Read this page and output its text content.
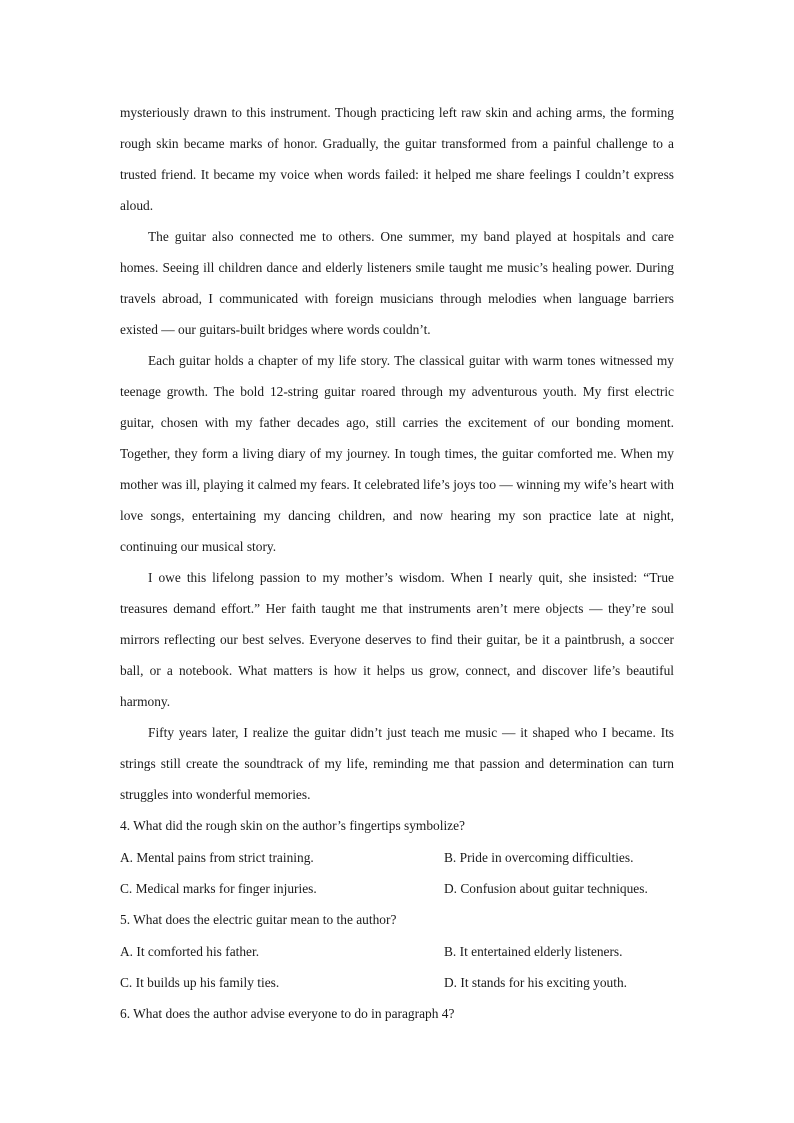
mysteriously drawn to this instrument. Though practicing left raw skin and aching arms, the forming rough skin became marks of honor. Gradually, the guitar transformed from a painful challenge to a trusted friend. It became my voice when words failed: it helped me share feelings I couldn’t express aloud.

The guitar also connected me to others. One summer, my band played at hospitals and care homes. Seeing ill children dance and elderly listeners smile taught me music’s healing power. During travels abroad, I communicated with foreign musicians through melodies when language barriers existed — our guitars-built bridges where words couldn’t.

Each guitar holds a chapter of my life story. The classical guitar with warm tones witnessed my teenage growth. The bold 12-string guitar roared through my adventurous youth. My first electric guitar, chosen with my father decades ago, still carries the excitement of our bonding moment. Together, they form a living diary of my journey. In tough times, the guitar comforted me. When my mother was ill, playing it calmed my fears. It celebrated life’s joys too — winning my wife’s heart with love songs, entertaining my dancing children, and now hearing my son practice late at night, continuing our musical story.

I owe this lifelong passion to my mother’s wisdom. When I nearly quit, she insisted: “True treasures demand effort.” Her faith taught me that instruments aren’t mere objects — they’re soul mirrors reflecting our best selves. Everyone deserves to find their guitar, be it a paintbrush, a soccer ball, or a notebook. What matters is how it helps us grow, connect, and discover life’s beautiful harmony.

Fifty years later, I realize the guitar didn’t just teach me music — it shaped who I became. Its strings still create the soundtrack of my life, reminding me that passion and determination can turn struggles into wonderful memories.

4. What did the rough skin on the author’s fingertips symbolize?

A. Mental pains from strict training.	B. Pride in overcoming difficulties.
C. Medical marks for finger injuries.	D. Confusion about guitar techniques.

5. What does the electric guitar mean to the author?

A. It comforted his father.	B. It entertained elderly listeners.
C. It builds up his family ties.	D. It stands for his exciting youth.

6. What does the author advise everyone to do in paragraph 4?
